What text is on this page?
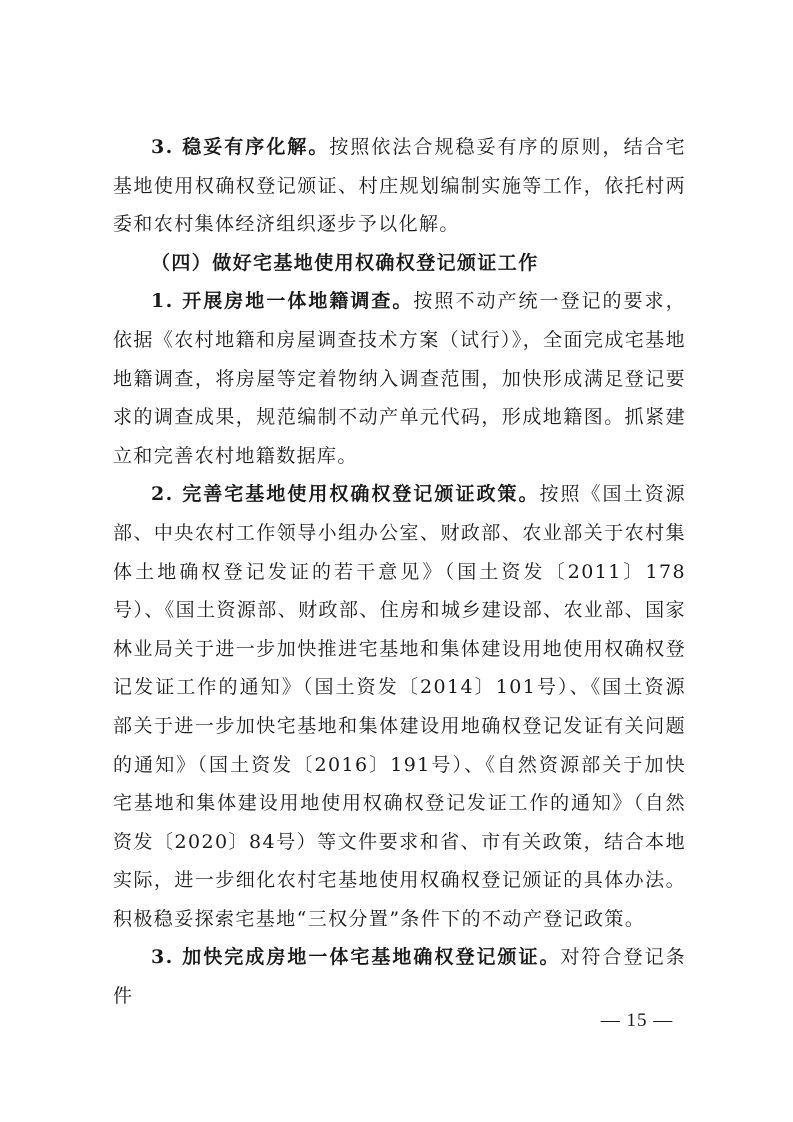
3. 稳妥有序化解。按照依法合规稳妥有序的原则，结合宅基地使用权确权登记颁证、村庄规划编制实施等工作，依托村两委和农村集体经济组织逐步予以化解。

（四）做好宅基地使用权确权登记颁证工作

1. 开展房地一体地籍调查。按照不动产统一登记的要求，依据《农村地籍和房屋调查技术方案（试行）》，全面完成宅基地地籍调查，将房屋等定着物纳入调查范围，加快形成满足登记要求的调查成果，规范编制不动产单元代码，形成地籍图。抓紧建立和完善农村地籍数据库。

2. 完善宅基地使用权确权登记颁证政策。按照《国土资源部、中央农村工作领导小组办公室、财政部、农业部关于农村集体土地确权登记发证的若干意见》（国土资发〔2011〕178号）、《国土资源部、财政部、住房和城乡建设部、农业部、国家林业局关于进一步加快推进宅基地和集体建设用地使用权确权登记发证工作的通知》（国土资发〔2014〕101号）、《国土资源部关于进一步加快宅基地和集体建设用地确权登记发证有关问题的通知》（国土资发〔2016〕191号）、《自然资源部关于加快宅基地和集体建设用地使用权确权登记发证工作的通知》（自然资发〔2020〕84号）等文件要求和省、市有关政策，结合本地实际，进一步细化农村宅基地使用权确权登记颁证的具体办法。积极稳妥探索宅基地“三权分置”条件下的不动产登记政策。

3. 加快完成房地一体宅基地确权登记颁证。对符合登记条件

— 15 —
